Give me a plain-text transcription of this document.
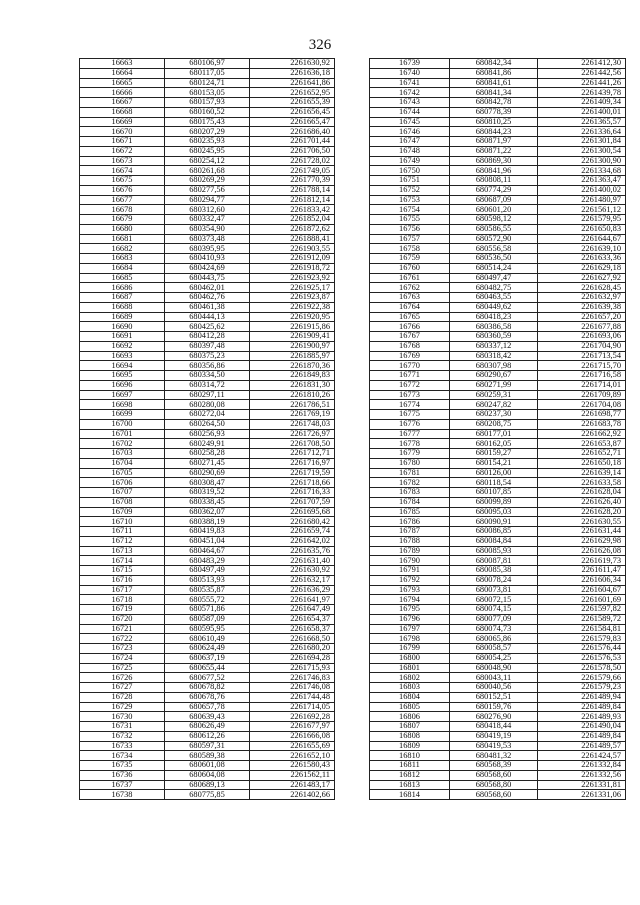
326
16663	680106,97	2261630,92
16664	680117,05	2261636,18
16665	680124,71	2261641,86
16666	680153,05	2261652,95
16667	680157,93	2261655,39
16668	680160,52	2261656,45
16669	680175,43	2261665,47
16670	680207,29	2261686,40
16671	680235,93	2261701,44
16672	680245,95	2261706,50
16673	680254,12	2261728,02
16674	680261,68	2261749,05
16675	680269,29	2261770,39
16676	680277,56	2261788,14
16677	680294,77	2261812,14
16678	680312,60	2261833,42
16679	680332,47	2261852,04
16680	680354,90	2261872,62
16681	680373,48	2261888,41
16682	680395,95	2261903,55
16683	680410,93	2261912,09
16684	680424,69	2261918,72
16685	680443,75	2261923,92
16686	680462,01	2261925,17
16687	680462,76	2261923,87
16688	680461,38	2261922,38
16689	680444,13	2261920,95
16690	680425,62	2261915,86
16691	680412,28	2261909,41
16692	680397,48	2261900,97
16693	680375,23	2261885,97
16694	680356,86	2261870,36
16695	680334,50	2261849,83
16696	680314,72	2261831,30
16697	680297,11	2261810,26
16698	680280,08	2261786,51
16699	680272,04	2261769,19
16700	680264,50	2261748,03
16701	680256,93	2261726,97
16702	680249,91	2261708,50
16703	680258,28	2261712,71
16704	680271,45	2261716,97
16705	680290,69	2261719,59
16706	680308,47	2261718,66
16707	680319,52	2261716,33
16708	680338,45	2261707,59
16709	680362,07	2261695,68
16710	680388,19	2261680,42
16711	680419,83	2261659,74
16712	680451,04	2261642,02
16713	680464,67	2261635,76
16714	680483,29	2261631,40
16715	680497,49	2261630,92
16716	680513,93	2261632,17
16717	680535,87	2261636,29
16718	680555,72	2261641,97
16719	680571,86	2261647,49
16720	680587,09	2261654,37
16721	680595,95	2261658,37
16722	680610,49	2261668,50
16723	680624,49	2261680,20
16724	680637,19	2261694,28
16725	680655,44	2261715,93
16726	680677,52	2261746,83
16727	680678,82	2261746,08
16728	680678,76	2261744,48
16729	680657,78	2261714,05
16730	680639,43	2261692,28
16731	680626,49	2261677,97
16732	680612,26	2261666,08
16733	680597,31	2261655,69
16734	680589,38	2261652,10
16735	680601,08	2261580,43
16736	680604,08	2261562,11
16737	680689,13	2261483,17
16738	680775,85	2261402,66
16739	680842,34	2261412,30
16740	680841,86	2261442,56
16741	680841,61	2261441,26
16742	680841,34	2261439,78
16743	680842,78	2261409,34
16744	680778,39	2261400,01
16745	680810,25	2261365,57
16746	680844,23	2261336,64
16747	680871,97	2261301,84
16748	680871,22	2261300,54
16749	680869,30	2261300,90
16750	680841,96	2261334,68
16751	680808,11	2261363,47
16752	680774,29	2261400,02
16753	680687,09	2261480,97
16754	680601,20	2261561,12
16755	680598,12	2261579,95
16756	680586,55	2261650,83
16757	680572,90	2261644,67
16758	680556,58	2261639,10
16759	680536,50	2261633,36
16760	680514,24	2261629,18
16761	680497,47	2261627,92
16762	680482,75	2261628,45
16763	680463,55	2261632,97
16764	680449,62	2261639,38
16765	680418,23	2261657,20
16766	680386,58	2261677,88
16767	680360,59	2261693,06
16768	680337,12	2261704,90
16769	680318,42	2261713,54
16770	680307,98	2261715,70
16771	680290,67	2261716,58
16772	680271,99	2261714,01
16773	680259,31	2261709,89
16774	680247,82	2261704,08
16775	680237,30	2261698,77
16776	680208,75	2261683,78
16777	680177,01	2261662,92
16778	680162,05	2261653,87
16779	680159,27	2261652,71
16780	680154,21	2261650,18
16781	680126,00	2261639,14
16782	680118,54	2261633,58
16783	680107,85	2261628,04
16784	680099,89	2261626,40
16785	680095,03	2261628,20
16786	680090,91	2261630,55
16787	680086,85	2261631,44
16788	680084,84	2261629,98
16789	680085,93	2261626,08
16790	680087,81	2261619,73
16791	680085,38	2261611,47
16792	680078,24	2261606,34
16793	680073,81	2261604,67
16794	680072,15	2261601,69
16795	680074,15	2261597,82
16796	680077,09	2261589,72
16797	680074,73	2261584,81
16798	680065,86	2261579,83
16799	680058,57	2261576,44
16800	680054,25	2261576,53
16801	680048,90	2261578,50
16802	680043,11	2261579,66
16803	680040,56	2261579,23
16804	680152,51	2261489,94
16805	680159,76	2261489,84
16806	680276,90	2261489,93
16807	680418,44	2261490,04
16808	680419,19	2261489,84
16809	680419,53	2261489,57
16810	680481,32	2261424,57
16811	680568,39	2261332,84
16812	680568,60	2261332,56
16813	680568,80	2261331,81
16814	680568,60	2261331,06
